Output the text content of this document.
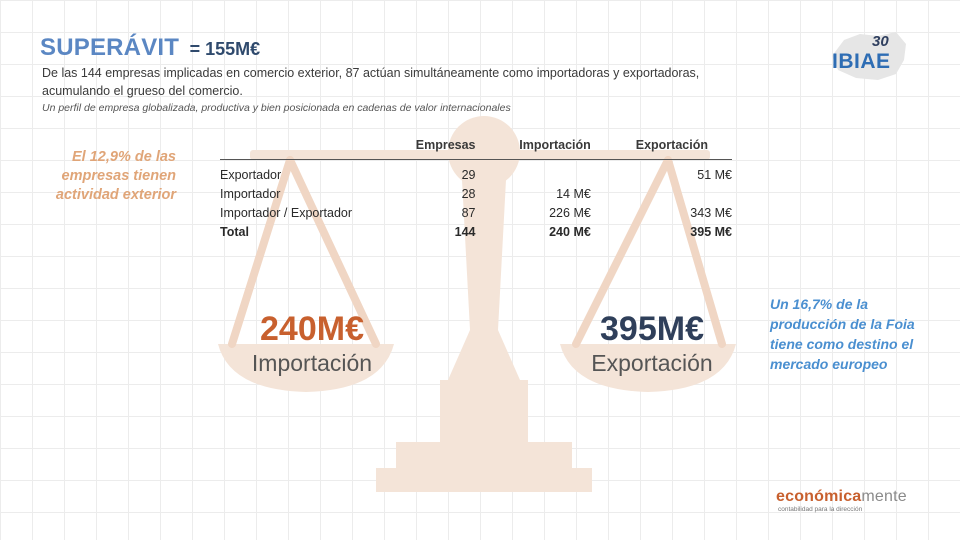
SUPERÁVIT = 155M€
De las 144 empresas implicadas en comercio exterior, 87 actúan simultáneamente como importadoras y exportadoras, acumulando el grueso del comercio.
Un perfil de empresa globalizada, productiva y bien posicionada en cadenas de valor internacionales
30
IBIAE
El 12,9% de las empresas tienen actividad exterior
Un 16,7% de la producción de la Foia tiene como destino el mercado europeo
	Empresas	Importación	Exportación
Exportador	29		51 M€
Importador	28	14 M€	
Importador / Exportador	87	226 M€	343 M€
Total	144	240 M€	395 M€
240M€
Importación
395M€
Exportación
económicamente
contabilidad para la dirección
